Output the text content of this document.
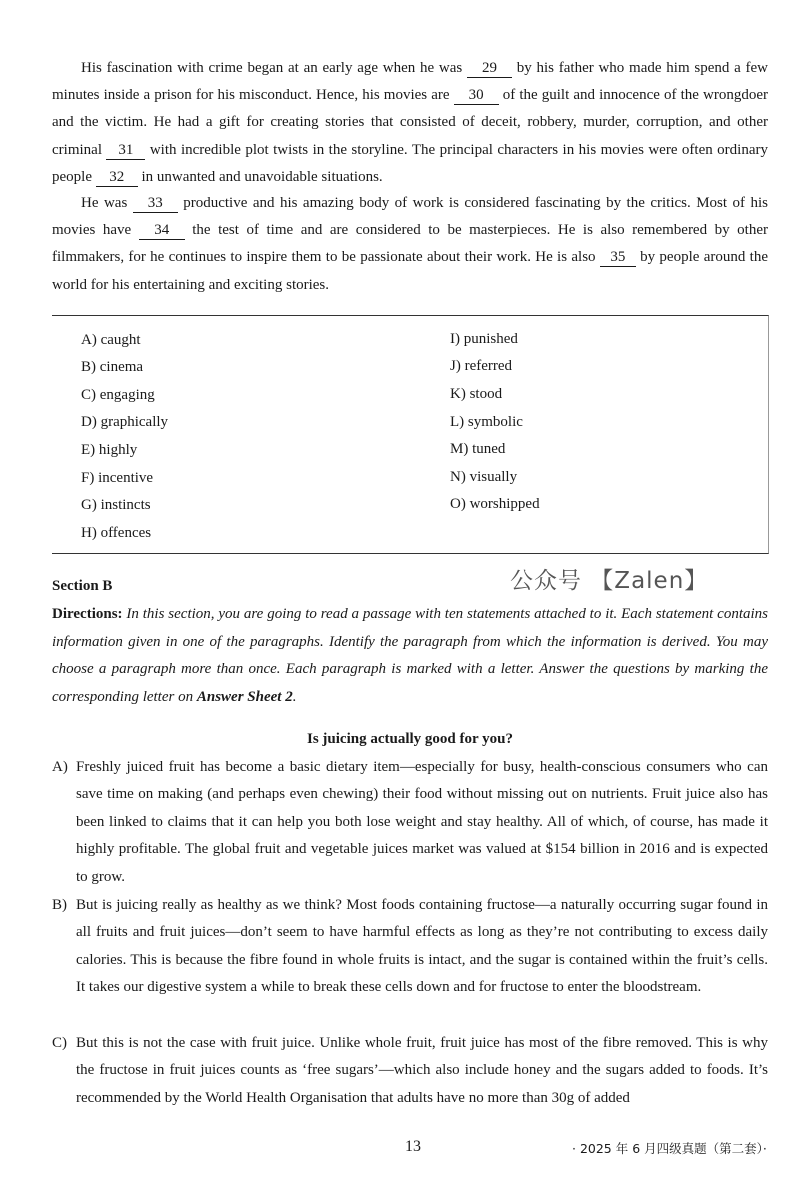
His fascination with crime began at an early age when he was 29 by his father who made him spend a few minutes inside a prison for his misconduct. Hence, his movies are 30 of the guilt and innocence of the wrongdoer and the victim. He had a gift for creating stories that consisted of deceit, robbery, murder, corruption, and other criminal 31 with incredible plot twists in the storyline. The principal characters in his movies were often ordinary people 32 in unwanted and unavoidable situations.

He was 33 productive and his amazing body of work is considered fascinating by the critics. Most of his movies have 34 the test of time and are considered to be masterpieces. He is also remembered by other filmmakers, for he continues to inspire them to be passionate about their work. He is also 35 by people around the world for his entertaining and exciting stories.

A) caught
B) cinema
C) engaging
D) graphically
E) highly
F) incentive
G) instincts
H) offences
I) punished
J) referred
K) stood
L) symbolic
M) tuned
N) visually
O) worshipped
公众号 【Zalen】
Section B

Directions: In this section, you are going to read a passage with ten statements attached to it. Each statement contains information given in one of the paragraphs. Identify the paragraph from which the information is derived. You may choose a paragraph more than once. Each paragraph is marked with a letter. Answer the questions by marking the corresponding letter on Answer Sheet 2.

Is juicing actually good for you?
A) Freshly juiced fruit has become a basic dietary item—especially for busy, health-conscious consumers who can save time on making (and perhaps even chewing) their food without missing out on nutrients. Fruit juice also has been linked to claims that it can help you both lose weight and stay healthy. All of which, of course, has made it highly profitable. The global fruit and vegetable juices market was valued at $154 billion in 2016 and is expected to grow.

B) But is juicing really as healthy as we think? Most foods containing fructose—a naturally occurring sugar found in all fruits and fruit juices—don’t seem to have harmful effects as long as they’re not contributing to excess daily calories. This is because the fibre found in whole fruits is intact, and the sugar is contained within the fruit’s cells. It takes our digestive system a while to break these cells down and for fructose to enter the bloodstream.

C) But this is not the case with fruit juice. Unlike whole fruit, fruit juice has most of the fibre removed. This is why the fructose in fruit juices counts as ‘free sugars’—which also include honey and the sugars added to foods. It’s recommended by the World Health Organisation that adults have no more than 30g of added

13	· 2025 年 6 月四级真题（第二套）·
